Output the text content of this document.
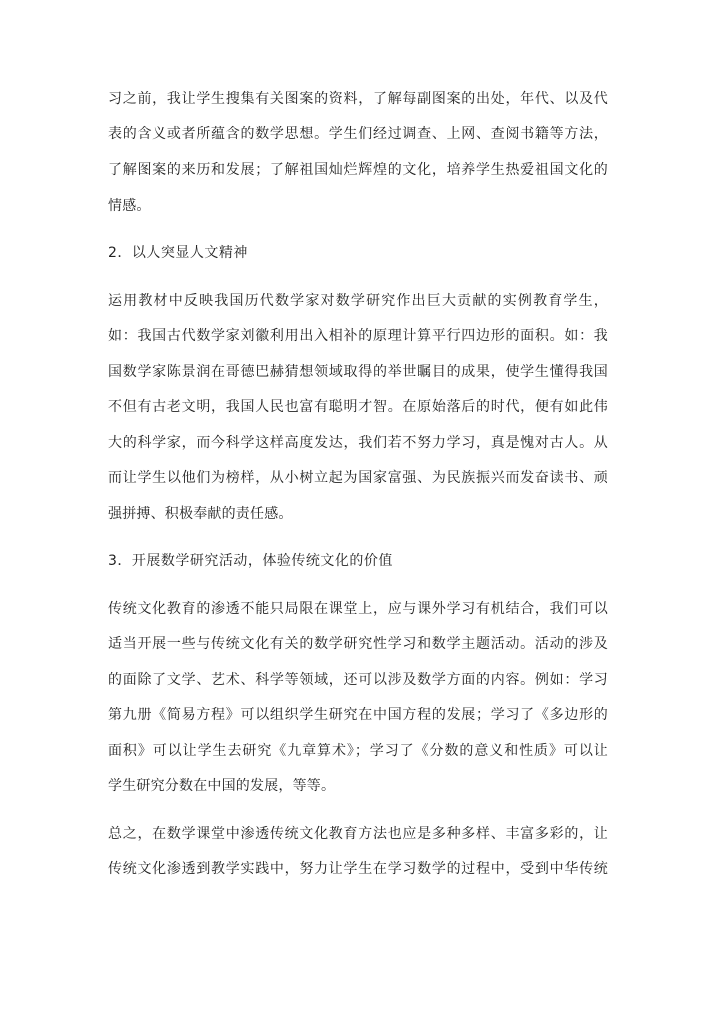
习之前，我让学生搜集有关图案的资料，了解每副图案的出处，年代、以及代
表的含义或者所蕴含的数学思想。学生们经过调查、上网、查阅书籍等方法，
了解图案的来历和发展；了解祖国灿烂辉煌的文化，培养学生热爱祖国文化的
情感。
2．以人突显人文精神
运用教材中反映我国历代数学家对数学研究作出巨大贡献的实例教育学生，
如：我国古代数学家刘徽利用出入相补的原理计算平行四边形的面积。如：我
国数学家陈景润在哥德巴赫猜想领域取得的举世瞩目的成果，使学生懂得我国
不但有古老文明，我国人民也富有聪明才智。在原始落后的时代，便有如此伟
大的科学家，而今科学这样高度发达，我们若不努力学习，真是愧对古人。从
而让学生以他们为榜样，从小树立起为国家富强、为民族振兴而发奋读书、顽
强拼搏、积极奉献的责任感。
3．开展数学研究活动，体验传统文化的价值
传统文化教育的渗透不能只局限在课堂上，应与课外学习有机结合，我们可以
适当开展一些与传统文化有关的数学研究性学习和数学主题活动。活动的涉及
的面除了文学、艺术、科学等领域，还可以涉及数学方面的内容。例如：学习
第九册《简易方程》可以组织学生研究在中国方程的发展；学习了《多边形的
面积》可以让学生去研究《九章算术》；学习了《分数的意义和性质》可以让
学生研究分数在中国的发展，等等。
总之，在数学课堂中渗透传统文化教育方法也应是多种多样、丰富多彩的，让
传统文化渗透到教学实践中，努力让学生在学习数学的过程中，受到中华传统
